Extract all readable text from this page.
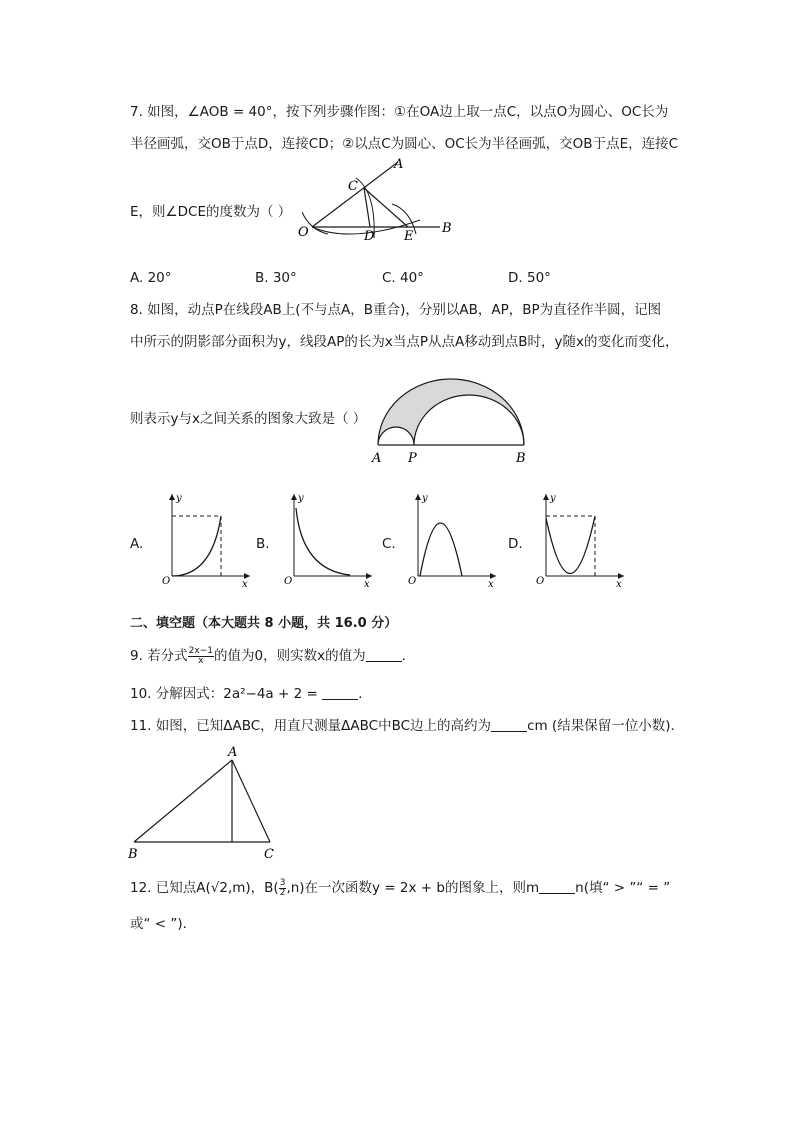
7. 如图，∠AOB = 40°，按下列步骤作图：①在OA边上取一点C，以点O为圆心、OC长为
半径画弧，交OB于点D，连接CD；②以点C为圆心、OC长为半径画弧，交OB于点E，连接C
E，则∠DCE的度数为（ ）
A
B
C
O	D E
A. 20°	B. 30°	C. 40°	D. 50°
8. 如图，动点P在线段AB上(不与点A，B重合)，分别以AB，AP，BP为直径作半圆，记图
中所示的阴影部分面积为y，线段AP的长为x当点P从点A移动到点B时，y随x的变化而变化，
则表示y与x之间关系的图象大致是（ ）
A P	B
A.
y
x
O
B.
y
x
O
C.
y
x
O
D.
y
x
O
二、填空题（本大题共 8 小题，共 16.0 分）
9. 若分式 $\frac{2x-1}{x}$ 的值为0，则实数x的值为	.
10. 分解因式：2a²−4a + 2 =	.
11. 如图，已知ΔABC，用直尺测量ΔABC中BC边上的高约为	cm (结果保留一位小数)．
A
B	C
12. 已知点A(√2,m)，$B( \frac{3}{2} ,n)$在一次函数y = 2x + b的图象上，则m	n(填“ > ”“ = ”
或“ < ”)．
